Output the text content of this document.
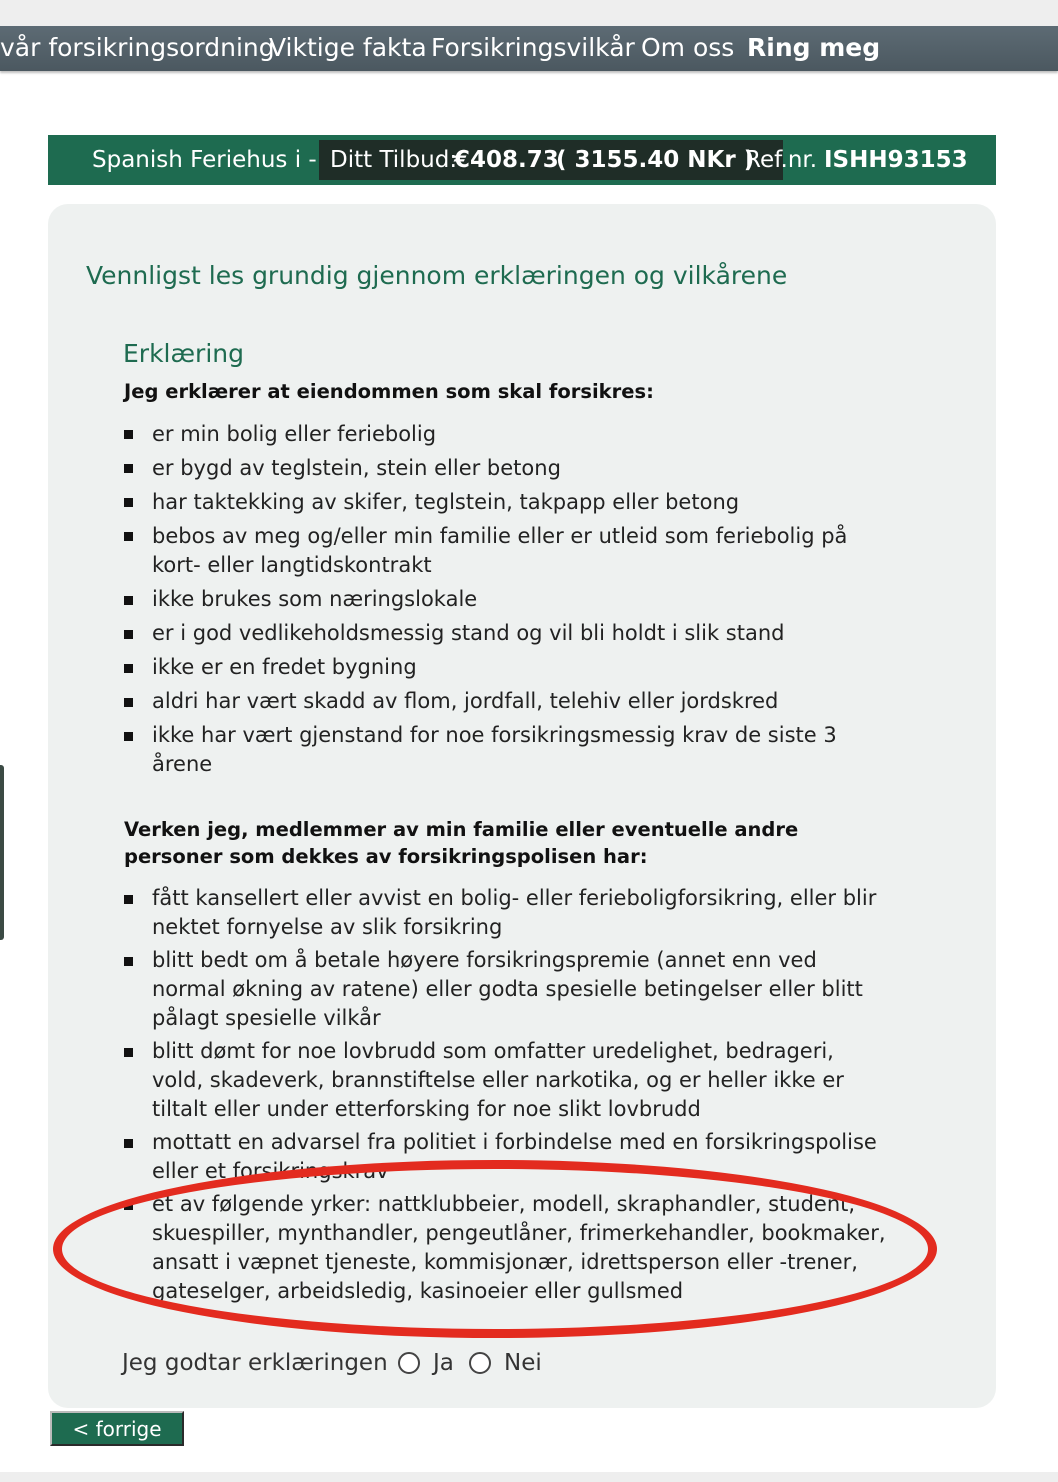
vår forsikringsordning
Viktige fakta Forsikringsvilkår Om oss Ring meg
Spanish Feriehus i - Ditt Tilbud:
€408.73
( 3155.40 NKr )
Ref.nr. ISHH93153
Vennligst les grundig gjennom erklæringen og vilkårene
Erklæring
Jeg erklærer at eiendommen som skal forsikres:
er min bolig eller feriebolig
er bygd av teglstein, stein eller betong
har taktekking av skifer, teglstein, takpapp eller betong
bebos av meg og/eller min familie eller er utleid som feriebolig på kort- eller langtidskontrakt
ikke brukes som næringslokale
er i god vedlikeholdsmessig stand og vil bli holdt i slik stand
ikke er en fredet bygning
aldri har vært skadd av flom, jordfall, telehiv eller jordskred
ikke har vært gjenstand for noe forsikringsmessig krav de siste 3 årene
Verken jeg, medlemmer av min familie eller eventuelle andre personer som dekkes av forsikringspolisen har:
fått kansellert eller avvist en bolig- eller ferieboligforsikring, eller blir nektet fornyelse av slik forsikring
blitt bedt om å betale høyere forsikringspremie (annet enn ved normal økning av ratene) eller godta spesielle betingelser eller blitt pålagt spesielle vilkår
blitt dømt for noe lovbrudd som omfatter uredelighet, bedrageri, vold, skadeverk, brannstiftelse eller narkotika, og er heller ikke er tiltalt eller under etterforsking for noe slikt lovbrudd
mottatt en advarsel fra politiet i forbindelse med en forsikringspolise eller et forsikringskrav
et av følgende yrker: nattklubbeier, modell, skraphandler, student, skuespiller, mynthandler, pengeutlåner, frimerkehandler, bookmaker, ansatt i væpnet tjeneste, kommisjonær, idrettsperson eller -trener, gateselger, arbeidsledig, kasinoeier eller gullsmed
Jeg godtar erklæringen Ja Nei
< forrige
